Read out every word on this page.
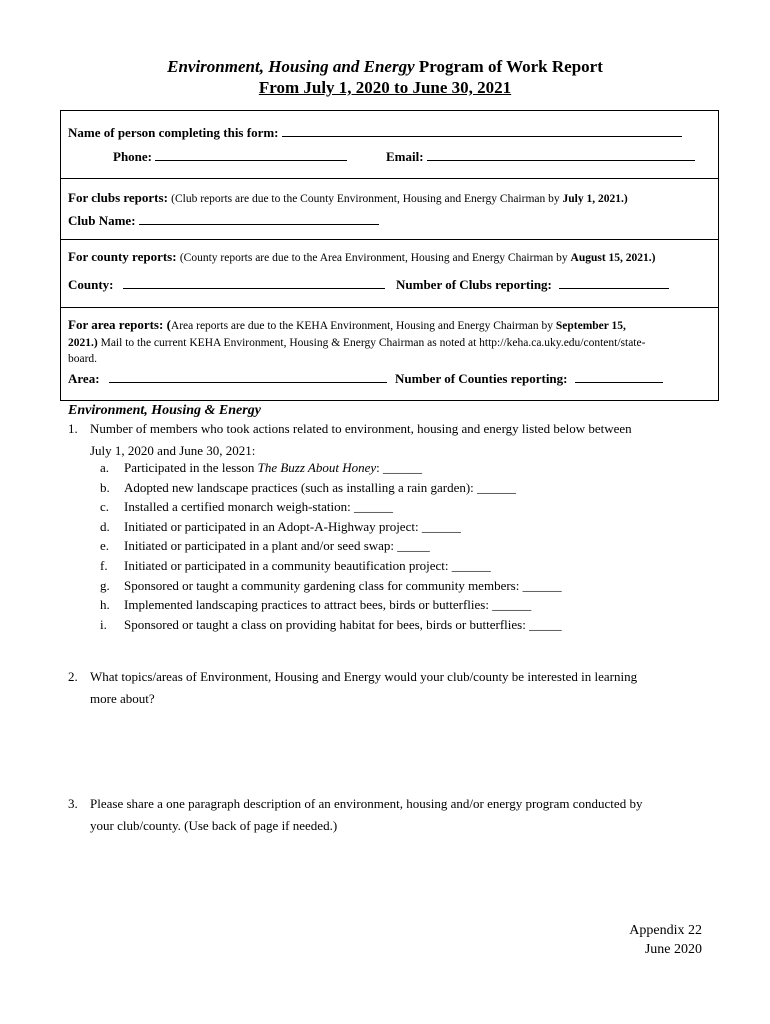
Environment, Housing and Energy Program of Work Report
From July 1, 2020 to June 30, 2021
Name of person completing this form:
Phone:	Email:
For clubs reports: (Club reports are due to the County Environment, Housing and Energy Chairman by July 1, 2021.)
Club Name:
For county reports: (County reports are due to the Area Environment, Housing and Energy Chairman by August 15, 2021.)
County:	Number of Clubs reporting:
For area reports: (Area reports are due to the KEHA Environment, Housing and Energy Chairman by September 15,
2021.) Mail to the current KEHA Environment, Housing & Energy Chairman as noted at http://keha.ca.uky.edu/content/state-
board.
Area:	Number of Counties reporting:
Environment, Housing & Energy
1. Number of members who took actions related to environment, housing and energy listed below between
July 1, 2020 and June 30, 2021:
a. Participated in the lesson The Buzz About Honey: ______
b. Adopted new landscape practices (such as installing a rain garden): ______
c. Installed a certified monarch weigh-station: ______
d. Initiated or participated in an Adopt-A-Highway project: ______
e. Initiated or participated in a plant and/or seed swap: _____
f. Initiated or participated in a community beautification project: ______
g. Sponsored or taught a community gardening class for community members: ______
h. Implemented landscaping practices to attract bees, birds or butterflies: ______
i. Sponsored or taught a class on providing habitat for bees, birds or butterflies: _____
2. What topics/areas of Environment, Housing and Energy would your club/county be interested in learning
more about?
3. Please share a one paragraph description of an environment, housing and/or energy program conducted by
your club/county. (Use back of page if needed.)
Appendix 22
June 2020
